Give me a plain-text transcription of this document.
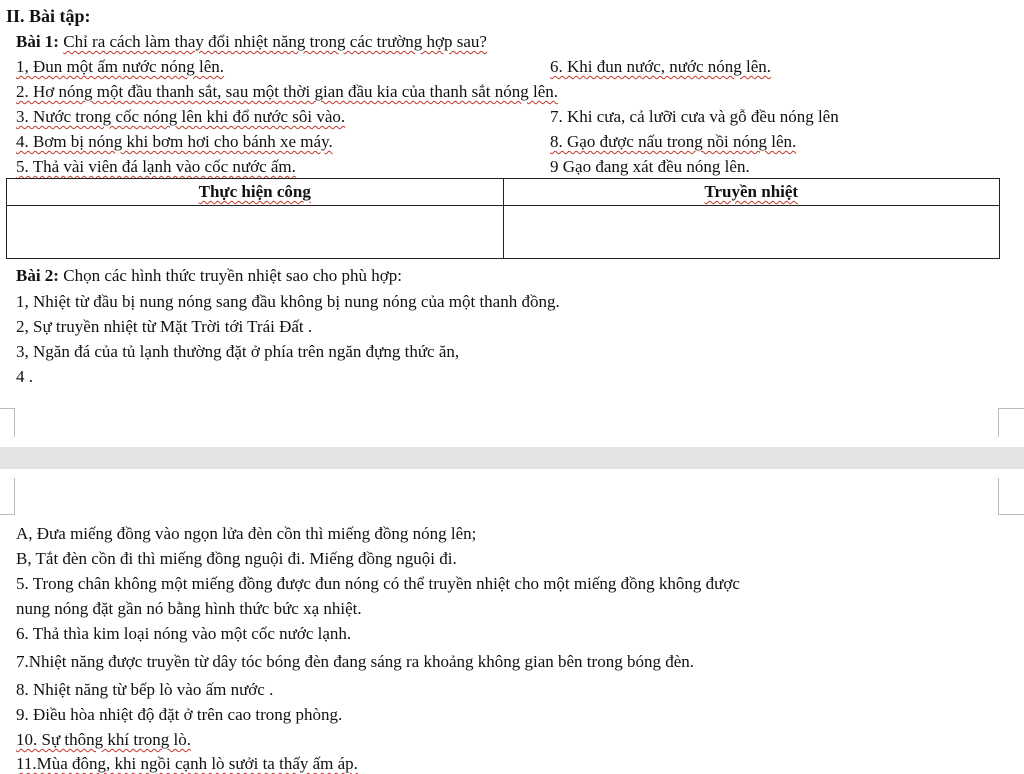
II. Bài tập:
Bài 1: Chỉ ra cách làm thay đổi nhiệt năng trong các trường hợp sau?
1, Đun một ấm nước nóng lên.
2. Hơ nóng một đầu thanh sắt, sau một thời gian đầu kia của thanh sắt nóng lên.
3. Nước trong cốc nóng lên khi đổ nước sôi vào.
4. Bơm bị nóng khi bơm hơi cho bánh xe máy.
5. Thả vài viên đá lạnh vào cốc nước ấm.
6. Khi đun nước, nước nóng lên.
7. Khi cưa, cả lưỡi cưa và gỗ đều nóng lên
8. Gạo được nấu trong nồi nóng lên.
9 Gạo đang xát đều nóng lên.
Thực hiện công	Truyền nhiệt

Bài 2: Chọn các hình thức truyền nhiệt sao cho phù hợp:
1, Nhiệt từ đầu bị nung nóng sang đầu không bị nung nóng của một thanh đồng.
2, Sự truyền nhiệt từ Mặt Trời tới Trái Đất .
3, Ngăn đá của tủ lạnh thường đặt ở phía trên ngăn đựng thức ăn,
4 .
A, Đưa miếng đồng vào ngọn lửa đèn cồn thì miếng đồng nóng lên;
B, Tắt đèn cồn đi thì miếng đồng nguội đi. Miếng đồng nguội đi.
5. Trong chân không một miếng đồng được đun nóng có thể truyền nhiệt cho một miếng đồng không được
nung nóng đặt gần nó bằng hình thức bức xạ nhiệt.
6. Thả thìa kim loại nóng vào một cốc nước lạnh.
7.Nhiệt năng được truyền từ dây tóc bóng đèn đang sáng ra khoảng không gian bên trong bóng đèn.
8. Nhiệt năng từ bếp lò vào ấm nước .
9. Điều hòa nhiệt độ đặt ở trên cao trong phòng.
10. Sự thông khí trong lò.
11.Mùa đông, khi ngồi cạnh lò sưởi ta thấy ấm áp.
